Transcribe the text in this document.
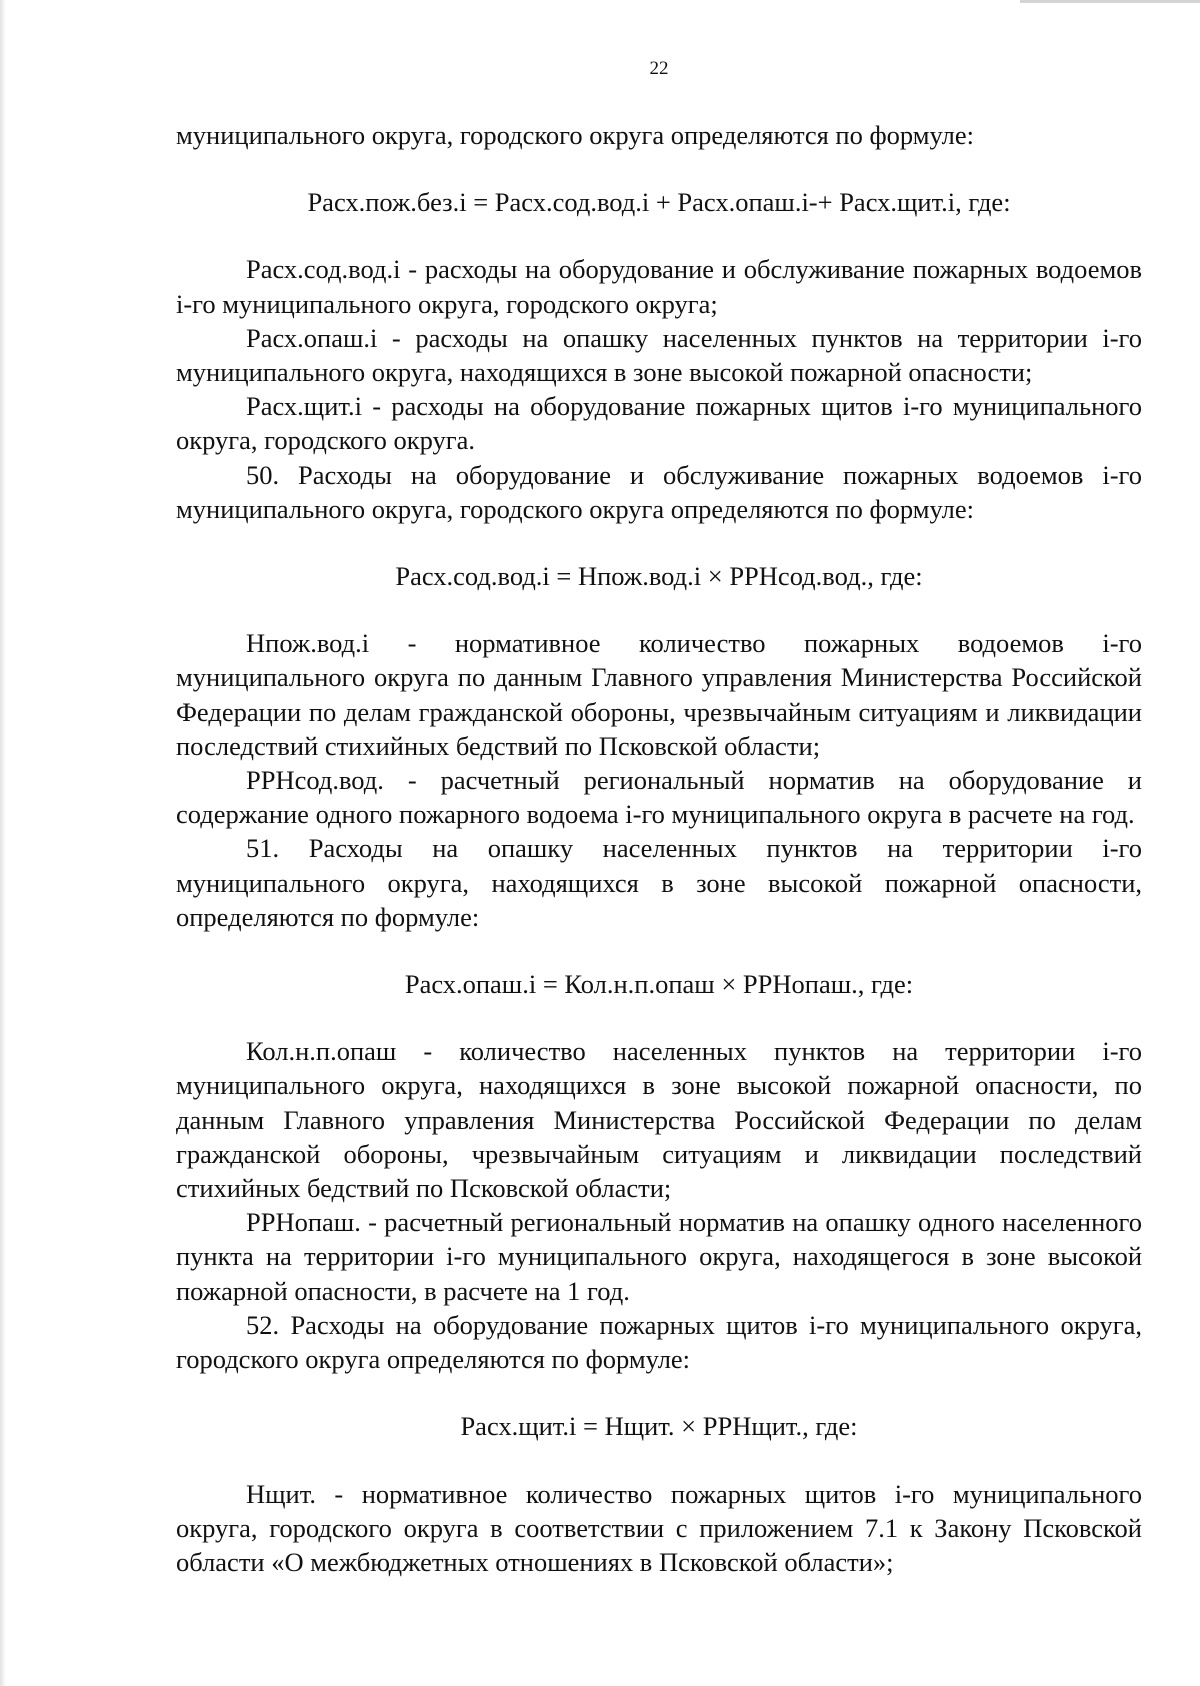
22

муниципального округа, городского округа определяются по формуле:

Расх.пож.без.i = Расх.сод.вод.i + Расх.опаш.i-+ Расх.щит.i, где:

Расх.сод.вод.i - расходы на оборудование и обслуживание пожарных водоемов i-го муниципального округа, городского округа;

Расх.опаш.i - расходы на опашку населенных пунктов на территории i-го муниципального округа, находящихся в зоне высокой пожарной опасности;

Расх.щит.i - расходы на оборудование пожарных щитов i-го муниципального округа, городского округа.

50. Расходы на оборудование и обслуживание пожарных водоемов i-го муниципального округа, городского округа определяются по формуле:

Расх.сод.вод.i = Нпож.вод.i × РРНсод.вод., где:

Нпож.вод.i - нормативное количество пожарных водоемов i-го муниципального округа по данным Главного управления Министерства Российской Федерации по делам гражданской обороны, чрезвычайным ситуациям и ликвидации последствий стихийных бедствий по Псковской области;

РРНсод.вод. - расчетный региональный норматив на оборудование и содержание одного пожарного водоема i-го муниципального округа в расчете на год.

51. Расходы на опашку населенных пунктов на территории i-го муниципального округа, находящихся в зоне высокой пожарной опасности, определяются по формуле:

Расх.опаш.i = Кол.н.п.опаш × РРНопаш., где:

Кол.н.п.опаш - количество населенных пунктов на территории i-го муниципального округа, находящихся в зоне высокой пожарной опасности, по данным Главного управления Министерства Российской Федерации по делам гражданской обороны, чрезвычайным ситуациям и ликвидации последствий стихийных бедствий по Псковской области;

РРНопаш. - расчетный региональный норматив на опашку одного населенного пункта на территории i-го муниципального округа, находящегося в зоне высокой пожарной опасности, в расчете на 1 год.

52. Расходы на оборудование пожарных щитов i-го муниципального округа, городского округа определяются по формуле:

Расх.щит.i = Нщит. × РРНщит., где:

Нщит. - нормативное количество пожарных щитов i-го муниципального округа, городского округа в соответствии с приложением 7.1 к Закону Псковской области «О межбюджетных отношениях в Псковской области»;
